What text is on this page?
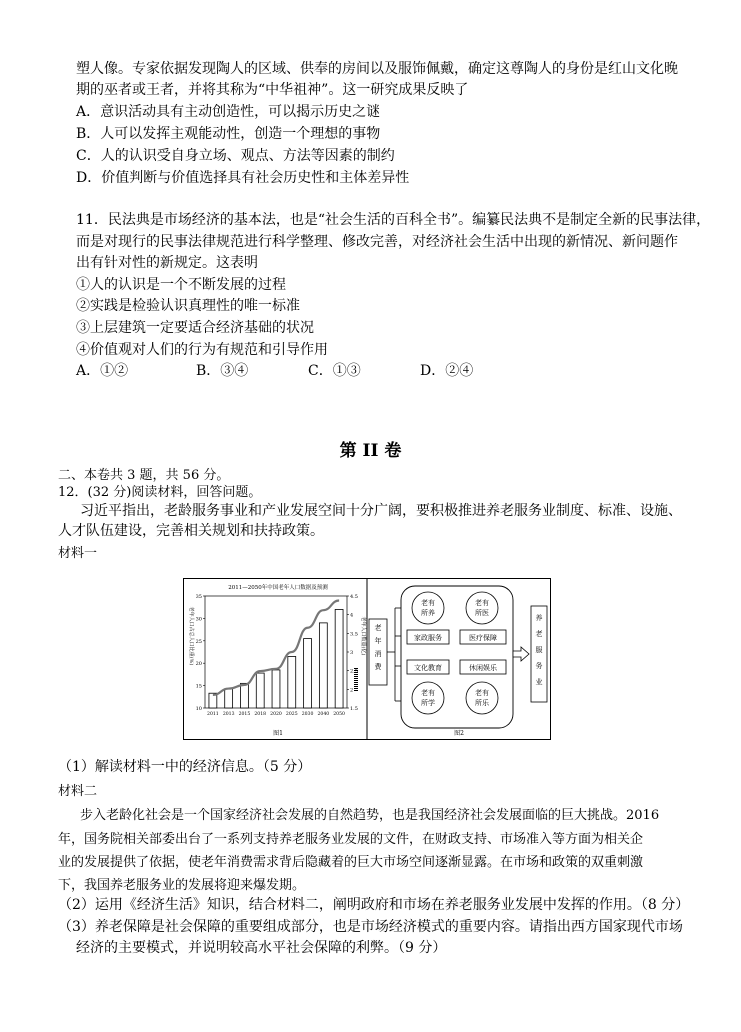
塑人像。专家依据发现陶人的区域、供奉的房间以及服饰佩戴，确定这尊陶人的身份是红山文化晚
期的巫者或王者，并将其称为“中华祖神”。这一研究成果反映了
A．意识活动具有主动创造性，可以揭示历史之谜
B．人可以发挥主观能动性，创造一个理想的事物
C．人的认识受自身立场、观点、方法等因素的制约
D．价值判断与价值选择具有社会历史性和主体差异性
11．民法典是市场经济的基本法，也是“社会生活的百科全书”。编纂民法典不是制定全新的民事法律，
而是对现行的民事法律规范进行科学整理、修改完善，对经济社会生活中出现的新情况、新问题作
出有针对性的新规定。这表明
①人的认识是一个不断发展的过程
②实践是检验认识真理性的唯一标准
③上层建筑一定要适合经济基础的状况
④价值观对人们的行为有规范和引导作用
A．①②	B．③④	C．①③	D．②④
第 II 卷
二、本卷共 3 题，共 56 分。
12．(32 分)阅读材料，回答问题。
习近平指出，老龄服务事业和产业发展空间十分广阔，要积极推进养老服务业制度、标准、设施、
人才队伍建设，完善相关规划和扶持政策。
材料一
2011—2050年中国老年人口数据及预测
老年人口占总人口比重(%)	老年人口数量(亿)
2011 2013 2015 2018 2020 2025 2030 2040 2050
10
15
20
25
30
35
1.5
2
2.5
3
3.5
4
4.5
图1
老年消费
老有所养
老有所医
家政服务	医疗保障
文化教育	休闲娱乐
老有所学
老有所乐
养老服务业
图2
（1）解读材料一中的经济信息。（5 分）
材料二
步入老龄化社会是一个国家经济社会发展的自然趋势，也是我国经济社会发展面临的巨大挑战。2016
年，国务院相关部委出台了一系列支持养老服务业发展的文件，在财政支持、市场准入等方面为相关企
业的发展提供了依据，使老年消费需求背后隐藏着的巨大市场空间逐渐显露。在市场和政策的双重刺激
下，我国养老服务业的发展将迎来爆发期。
（2）运用《经济生活》知识，结合材料二，阐明政府和市场在养老服务业发展中发挥的作用。（8 分）
（3）养老保障是社会保障的重要组成部分，也是市场经济模式的重要内容。请指出西方国家现代市场
经济的主要模式，并说明较高水平社会保障的利弊。（9 分）
